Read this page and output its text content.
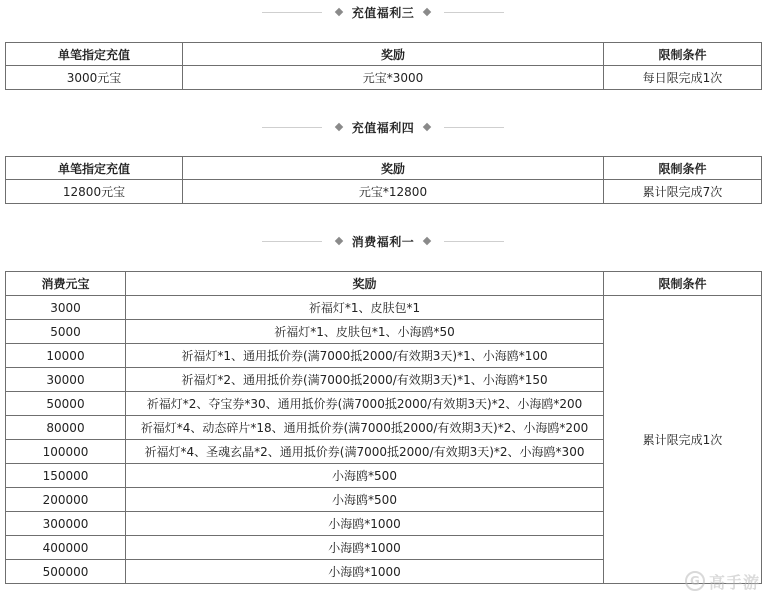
充值福利三
单笔指定充值	奖励	限制条件
3000元宝	元宝*3000	每日限完成1次
充值福利四
单笔指定充值	奖励	限制条件
12800元宝	元宝*12800	累计限完成7次
消费福利一
消费元宝	奖励	限制条件
3000	祈福灯*1、皮肤包*1	累计限完成1次
5000	祈福灯*1、皮肤包*1、小海鸥*50	
10000	祈福灯*1、通用抵价券(满7000抵2000/有效期3天)*1、小海鸥*100	
30000	祈福灯*2、通用抵价券(满7000抵2000/有效期3天)*1、小海鸥*150	
50000	祈福灯*2、夺宝券*30、通用抵价券(满7000抵2000/有效期3天)*2、小海鸥*200	
80000	祈福灯*4、动态碎片*18、通用抵价券(满7000抵2000/有效期3天)*2、小海鸥*200	
100000	祈福灯*4、圣魂玄晶*2、通用抵价券(满7000抵2000/有效期3天)*2、小海鸥*300	
150000	小海鸥*500	
200000	小海鸥*500	
300000	小海鸥*1000	
400000	小海鸥*1000	
500000	小海鸥*1000	
G 高手游
